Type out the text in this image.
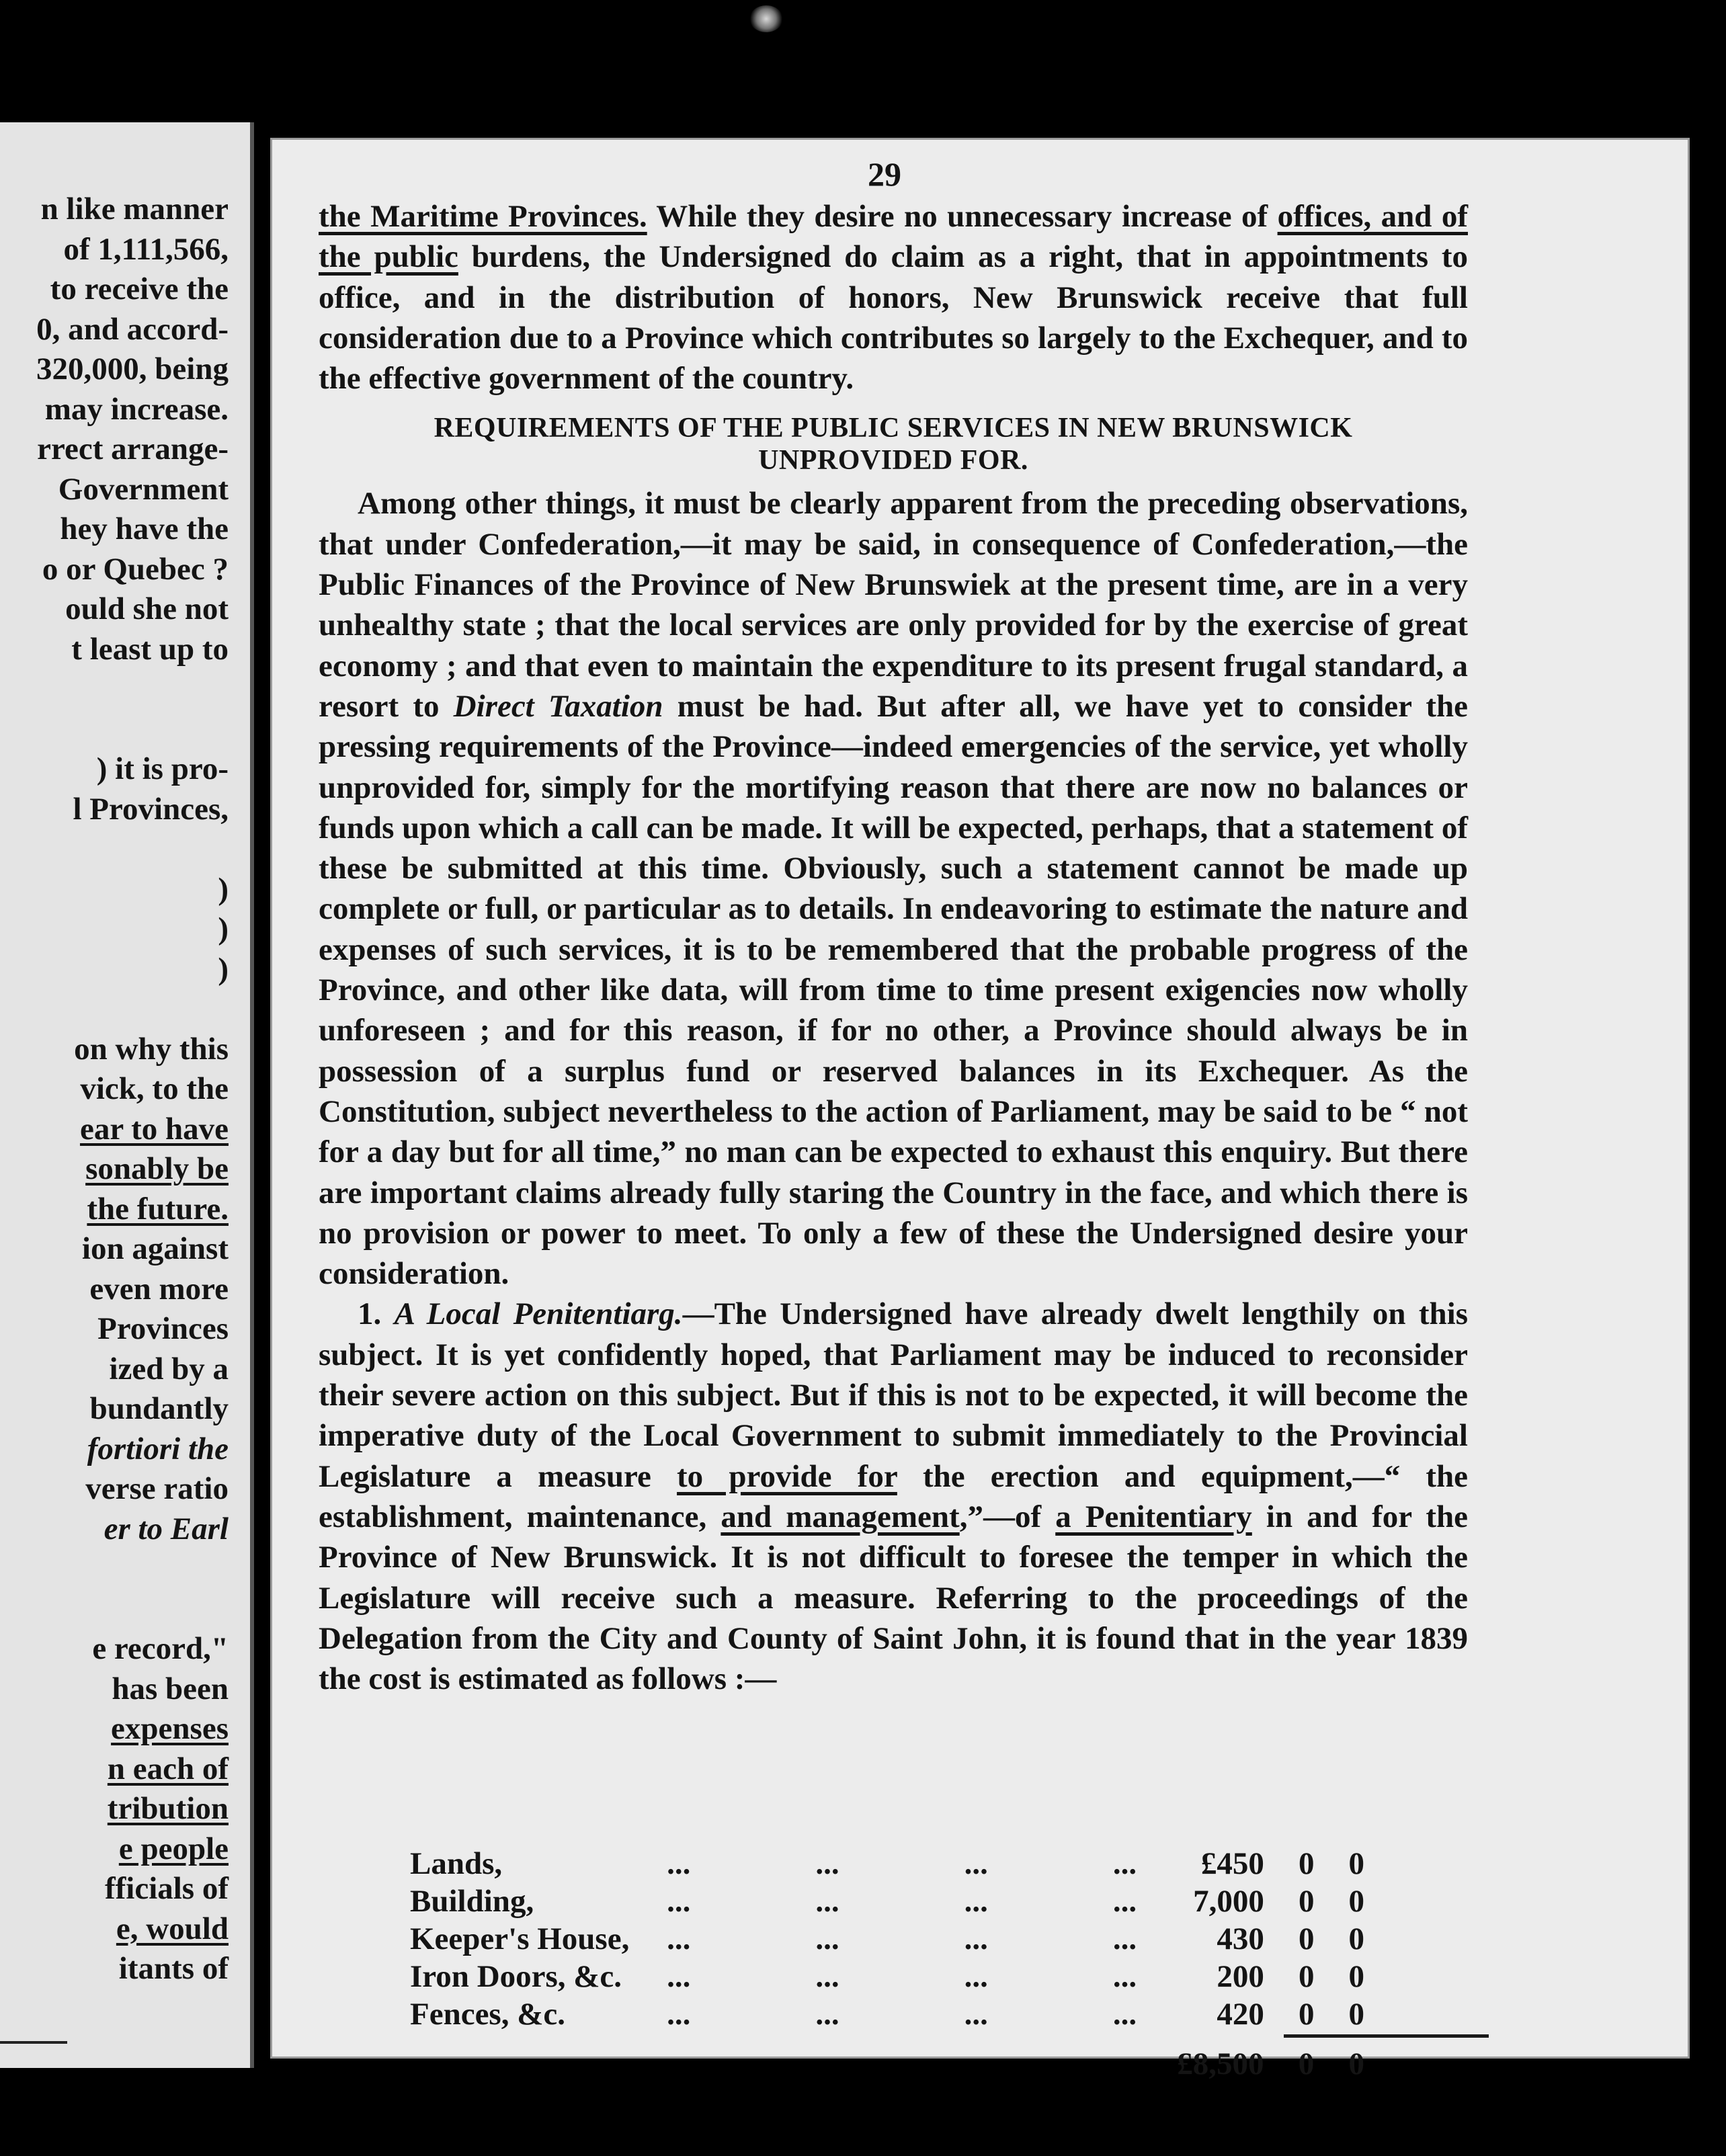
n like manner
of 1,111,566,
to receive the
0, and accord-
320,000, being
may increase.
rrect arrange-
Government
hey have the
o or Quebec ?
ould she not
t least up to
) it is pro-
l Provinces,
)
)
)
on why this
vick, to the
ear to have
sonably be
the future.
ion against
even more
Provinces
ized by a
bundantly
fortiori the
verse ratio
er to Earl
e record,"
has been
expenses
n each of
tribution
e people
fficials of
e, would
itants of
29

the Maritime Provinces. While they desire no unnecessary increase of offices, and of the public burdens, the Undersigned do claim as a right, that in appointments to office, and in the distribution of honors, New Brunswick receive that full consideration due to a Province which contributes so largely to the Exchequer, and to the effective government of the country.

REQUIREMENTS OF THE PUBLIC SERVICES IN NEW BRUNSWICK
UNPROVIDED FOR.

Among other things, it must be clearly apparent from the preceding observations, that under Confederation,—it may be said, in consequence of Confederation,—the Public Finances of the Province of New Brunswiek at the present time, are in a very unhealthy state ; that the local services are only provided for by the exercise of great economy ; and that even to maintain the expenditure to its present frugal standard, a resort to Direct Taxation must be had. But after all, we have yet to consider the pressing requirements of the Province—indeed emergencies of the service, yet wholly unprovided for, simply for the mortifying reason that there are now no balances or funds upon which a call can be made. It will be expected, perhaps, that a statement of these be submitted at this time. Obviously, such a statement cannot be made up complete or full, or particular as to details. In endeavoring to estimate the nature and expenses of such services, it is to be remembered that the probable progress of the Province, and other like data, will from time to time present exigencies now wholly unforeseen ; and for this reason, if for no other, a Province should always be in possession of a surplus fund or reserved balances in its Exchequer. As the Constitution, subject nevertheless to the action of Parliament, may be said to be “ not for a day but for all time,” no man can be expected to exhaust this enquiry. But there are important claims already fully staring the Country in the face, and which there is no provision or power to meet. To only a few of these the Undersigned desire your consideration.

1. A Local Penitentiarg.—The Undersigned have already dwelt lengthily on this subject. It is yet confidently hoped, that Parliament may be induced to reconsider their severe action on this subject. But if this is not to be expected, it will become the imperative duty of the Local Government to submit immediately to the Provincial Legislature a measure to provide for the erection and equipment,—“ the establishment, maintenance, and management,”—of a Penitentiary in and for the Province of New Brunswick. It is not difficult to foresee the temper in which the Legislature will receive such a measure. Referring to the proceedings of the Delegation from the City and County of Saint John, it is found that in the year 1839 the cost is estimated as follows :—

Lands,	...	...	...	...	£450	0	0
Building,	...	...	...	...	7,000	0	0
Keeper's House,	...	...	...	...	430	0	0
Iron Doors, &c.	...	...	...	...	200	0	0
Fences, &c.	...	...	...	...	420	0	0
£8,500	0	0
